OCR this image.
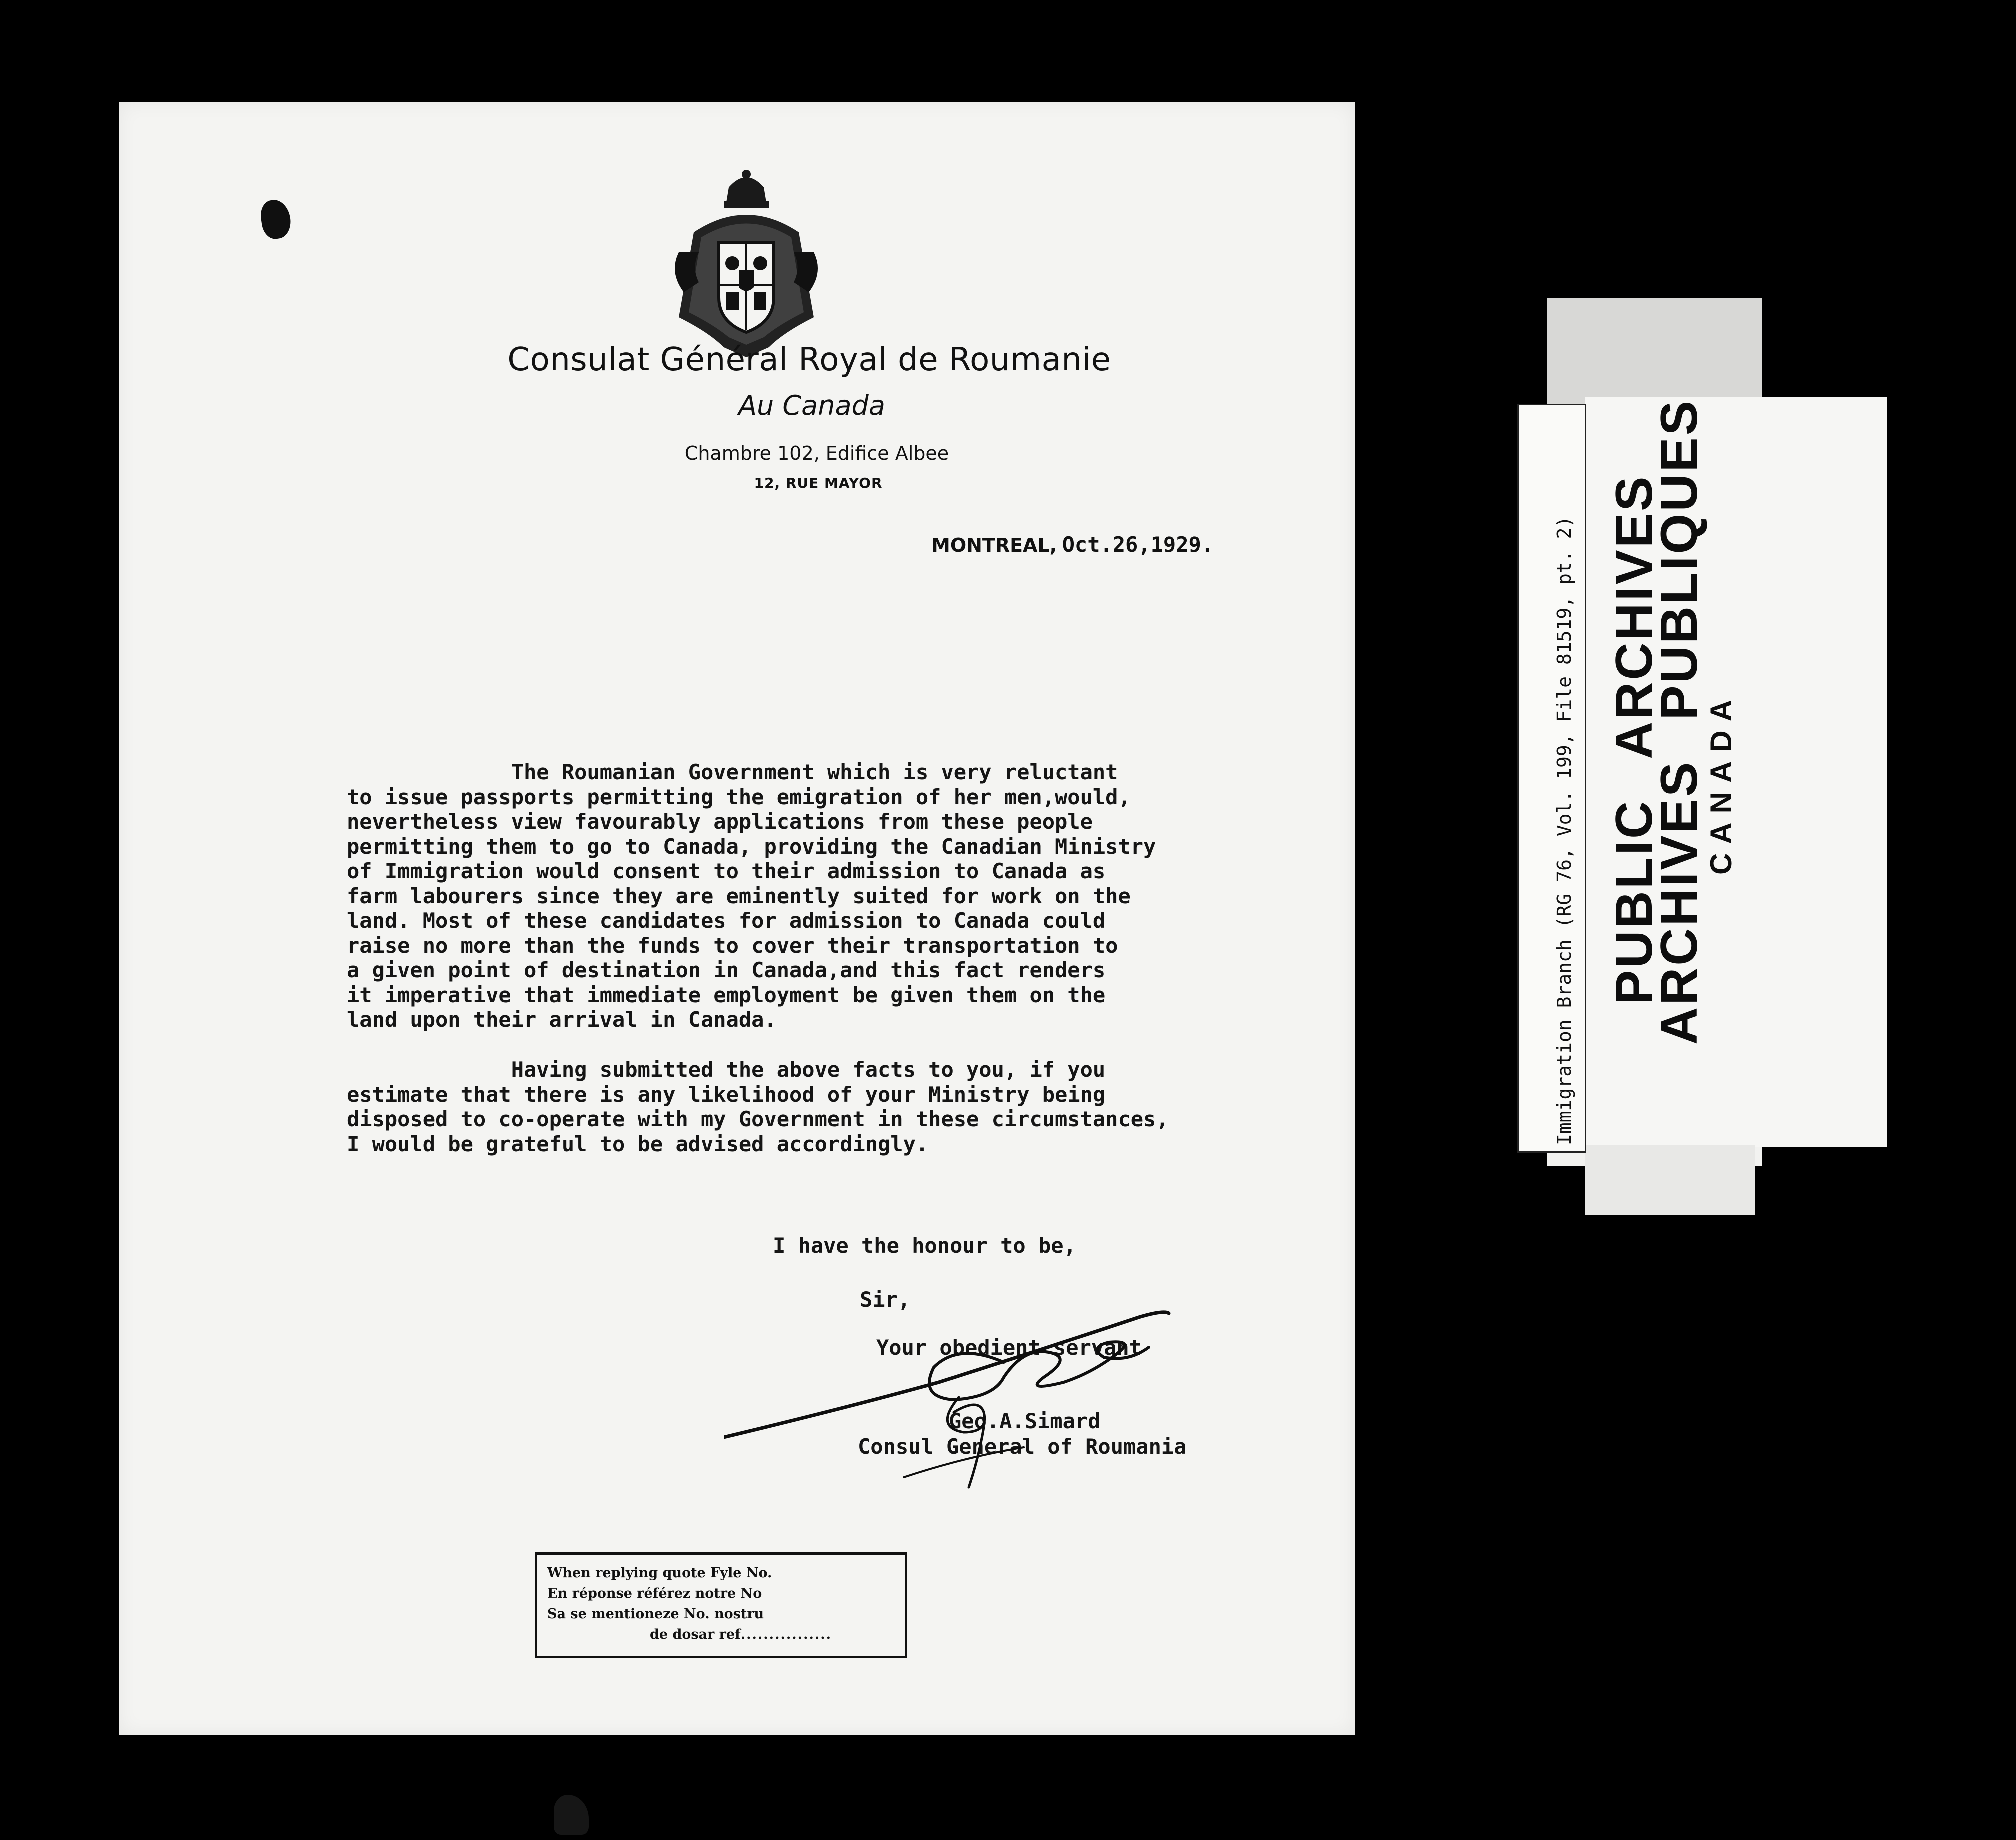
Consulat Général Royal de Roumanie
Au Canada
Chambre 102, Edifice Albee
12, RUE MAYOR
MONTREAL, Oct.26,1929.
The Roumanian Government which is very reluctant
to issue passports permitting the emigration of her men,would,
nevertheless view favourably applications from these people
permitting them to go to Canada, providing the Canadian Ministry
of Immigration would consent to their admission to Canada as
farm labourers since they are eminently suited for work on the
land. Most of these candidates for admission to Canada could
raise no more than the funds to cover their transportation to
a given point of destination in Canada,and this fact renders
it imperative that immediate employment be given them on the
land upon their arrival in Canada.
Having submitted the above facts to you, if you
estimate that there is any likelihood of your Ministry being
disposed to co-operate with my Government in these circumstances,
I would be grateful to be advised accordingly.
I have the honour to be,
Sir,
Your obedient servant
Geo.A.Simard
Consul General of Roumania
When replying quote Fyle No.
En réponse référez notre No
Sa se mentioneze No. nostru
de dosar ref................
Immigration Branch (RG 76, Vol. 199, File 81519, pt. 2) PUBLICARCHIVES
ARCHIVESPUBLIQUES
CANADA
